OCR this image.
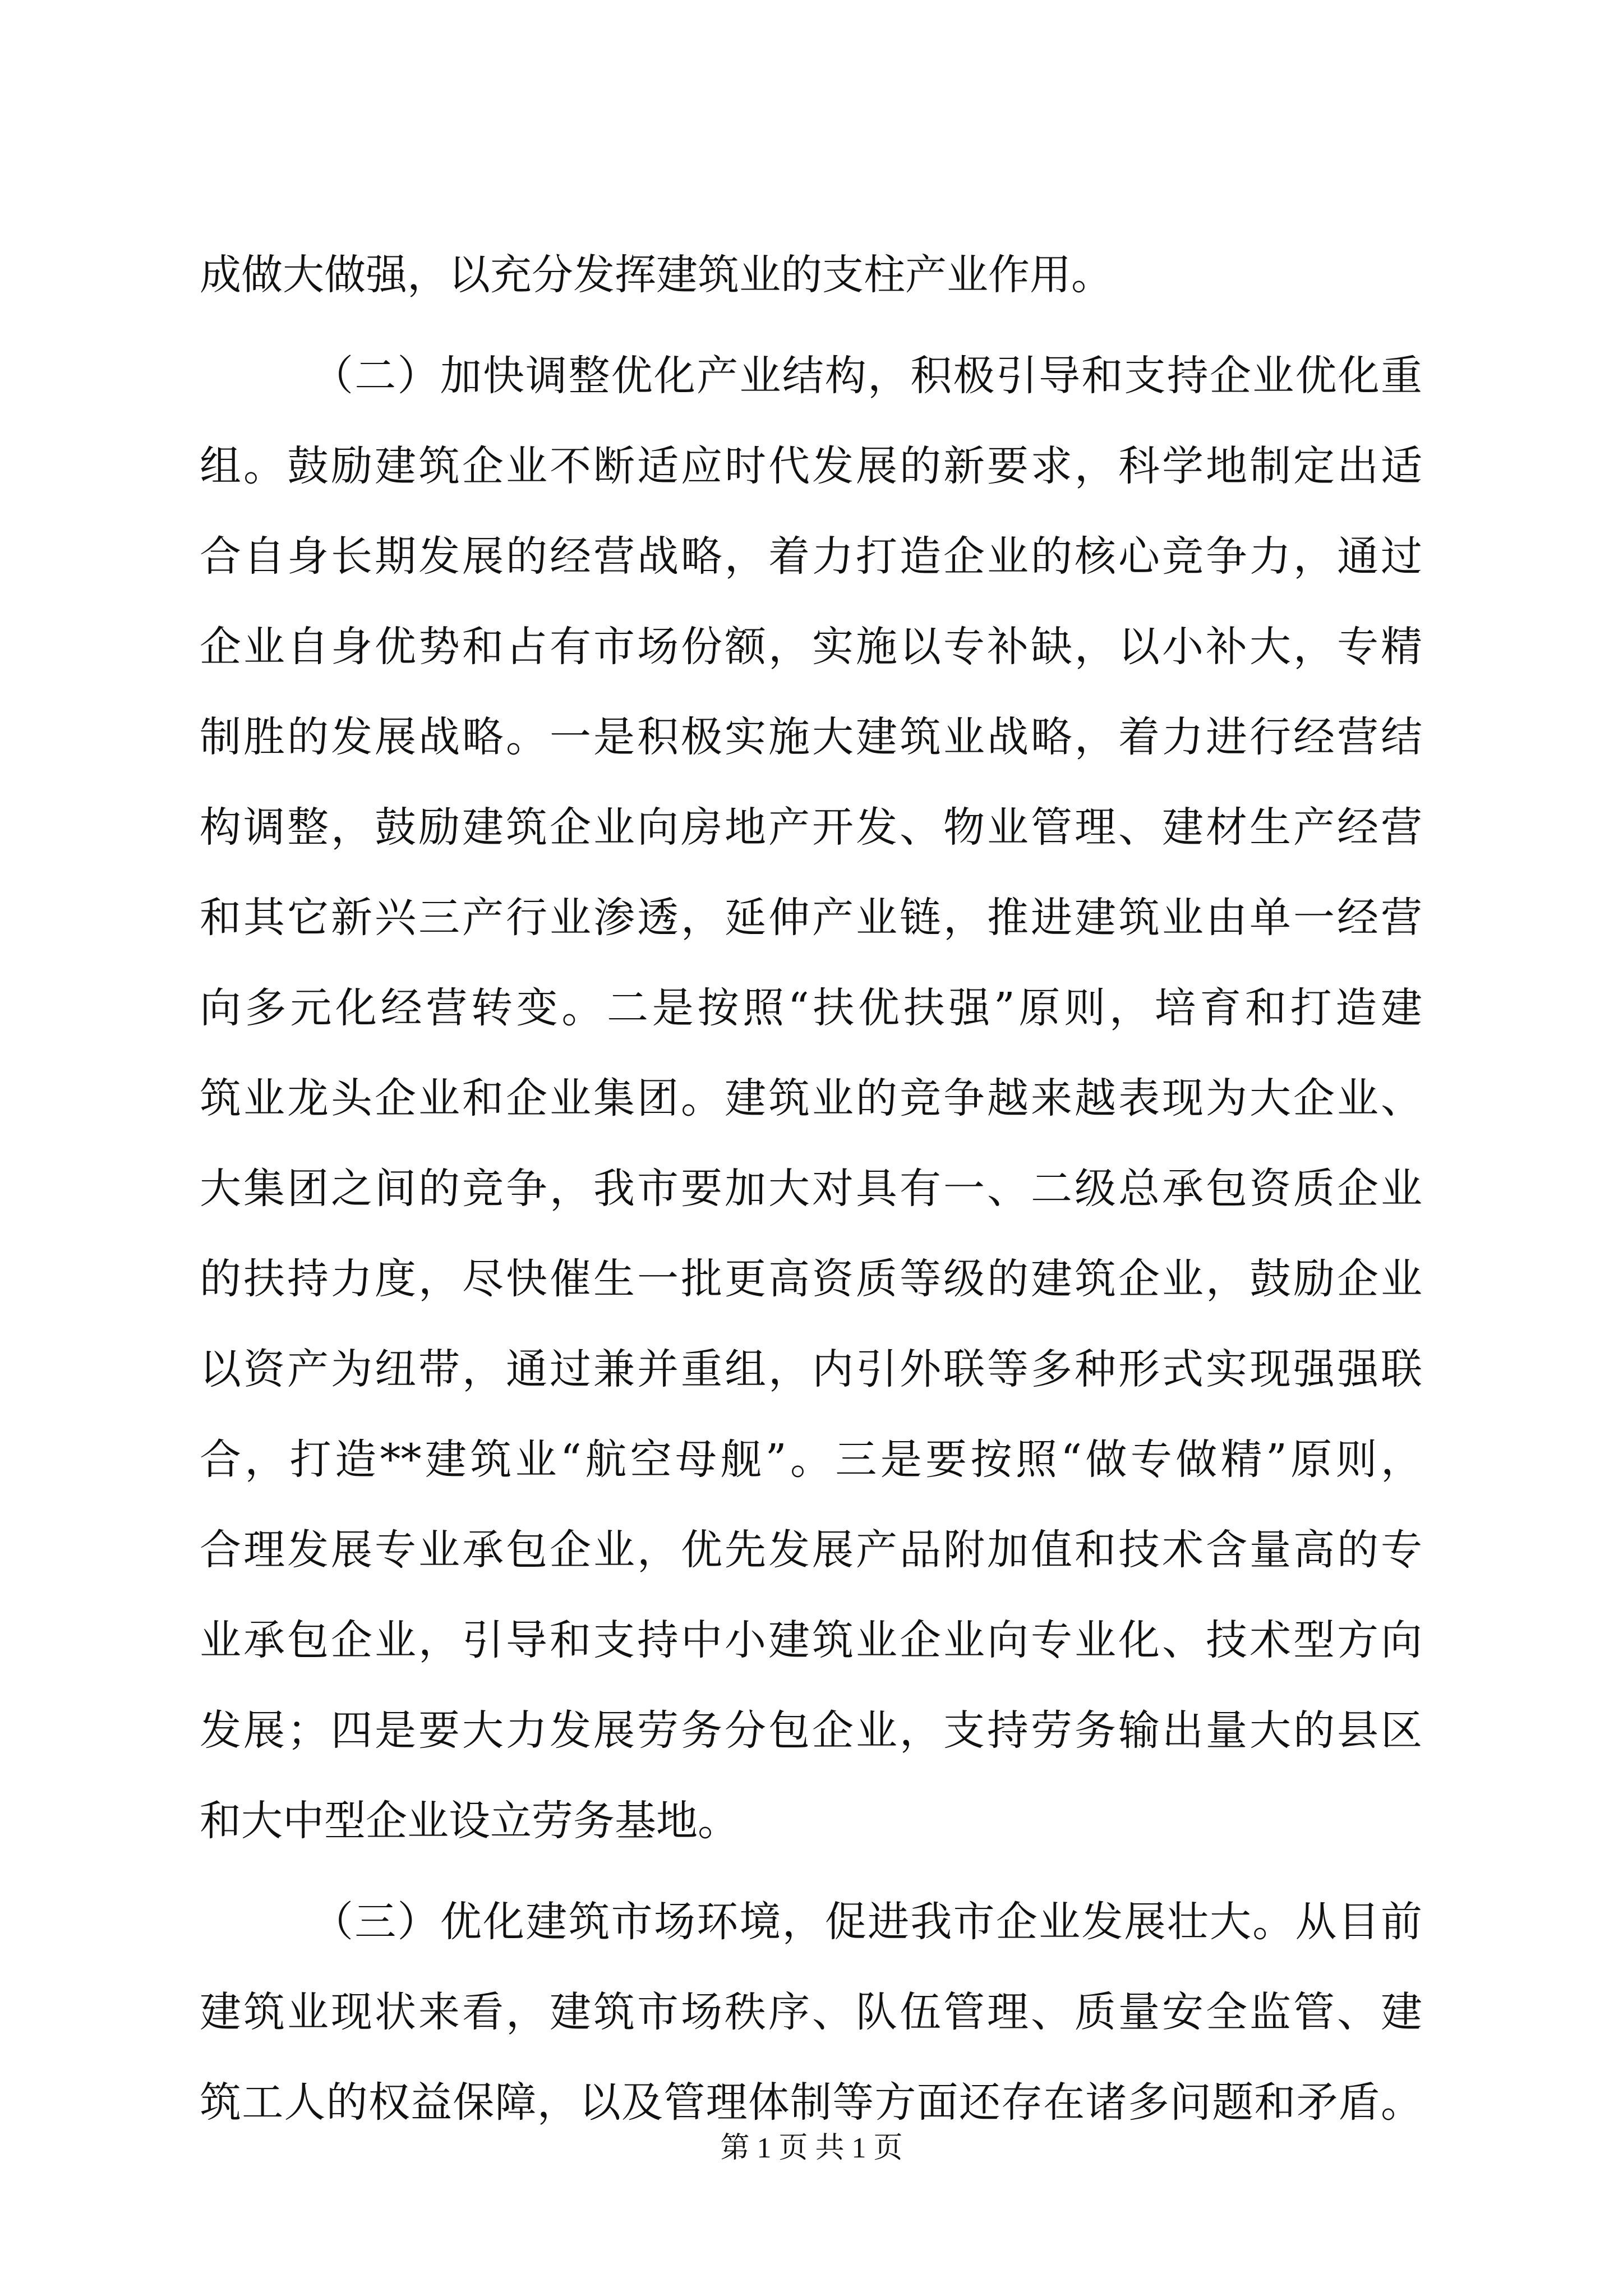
成做大做强，以充分发挥建筑业的支柱产业作用。
（二）加快调整优化产业结构，积极引导和支持企业优化重
组。鼓励建筑企业不断适应时代发展的新要求，科学地制定出适
合自身长期发展的经营战略，着力打造企业的核心竞争力，通过
企业自身优势和占有市场份额，实施以专补缺，以小补大，专精
制胜的发展战略。一是积极实施大建筑业战略，着力进行经营结
构调整，鼓励建筑企业向房地产开发、物业管理、建材生产经营
和其它新兴三产行业渗透，延伸产业链，推进建筑业由单一经营
向多元化经营转变。二是按照“扶优扶强”原则，培育和打造建
筑业龙头企业和企业集团。建筑业的竞争越来越表现为大企业、
大集团之间的竞争，我市要加大对具有一、二级总承包资质企业
的扶持力度，尽快催生一批更高资质等级的建筑企业，鼓励企业
以资产为纽带，通过兼并重组，内引外联等多种形式实现强强联
合，打造**建筑业“航空母舰”。三是要按照“做专做精”原则，
合理发展专业承包企业，优先发展产品附加值和技术含量高的专
业承包企业，引导和支持中小建筑业企业向专业化、技术型方向
发展；四是要大力发展劳务分包企业，支持劳务输出量大的县区
和大中型企业设立劳务基地。
（三）优化建筑市场环境，促进我市企业发展壮大。从目前
建筑业现状来看，建筑市场秩序、队伍管理、质量安全监管、建
筑工人的权益保障，以及管理体制等方面还存在诸多问题和矛盾。
第 1 页 共 1 页
